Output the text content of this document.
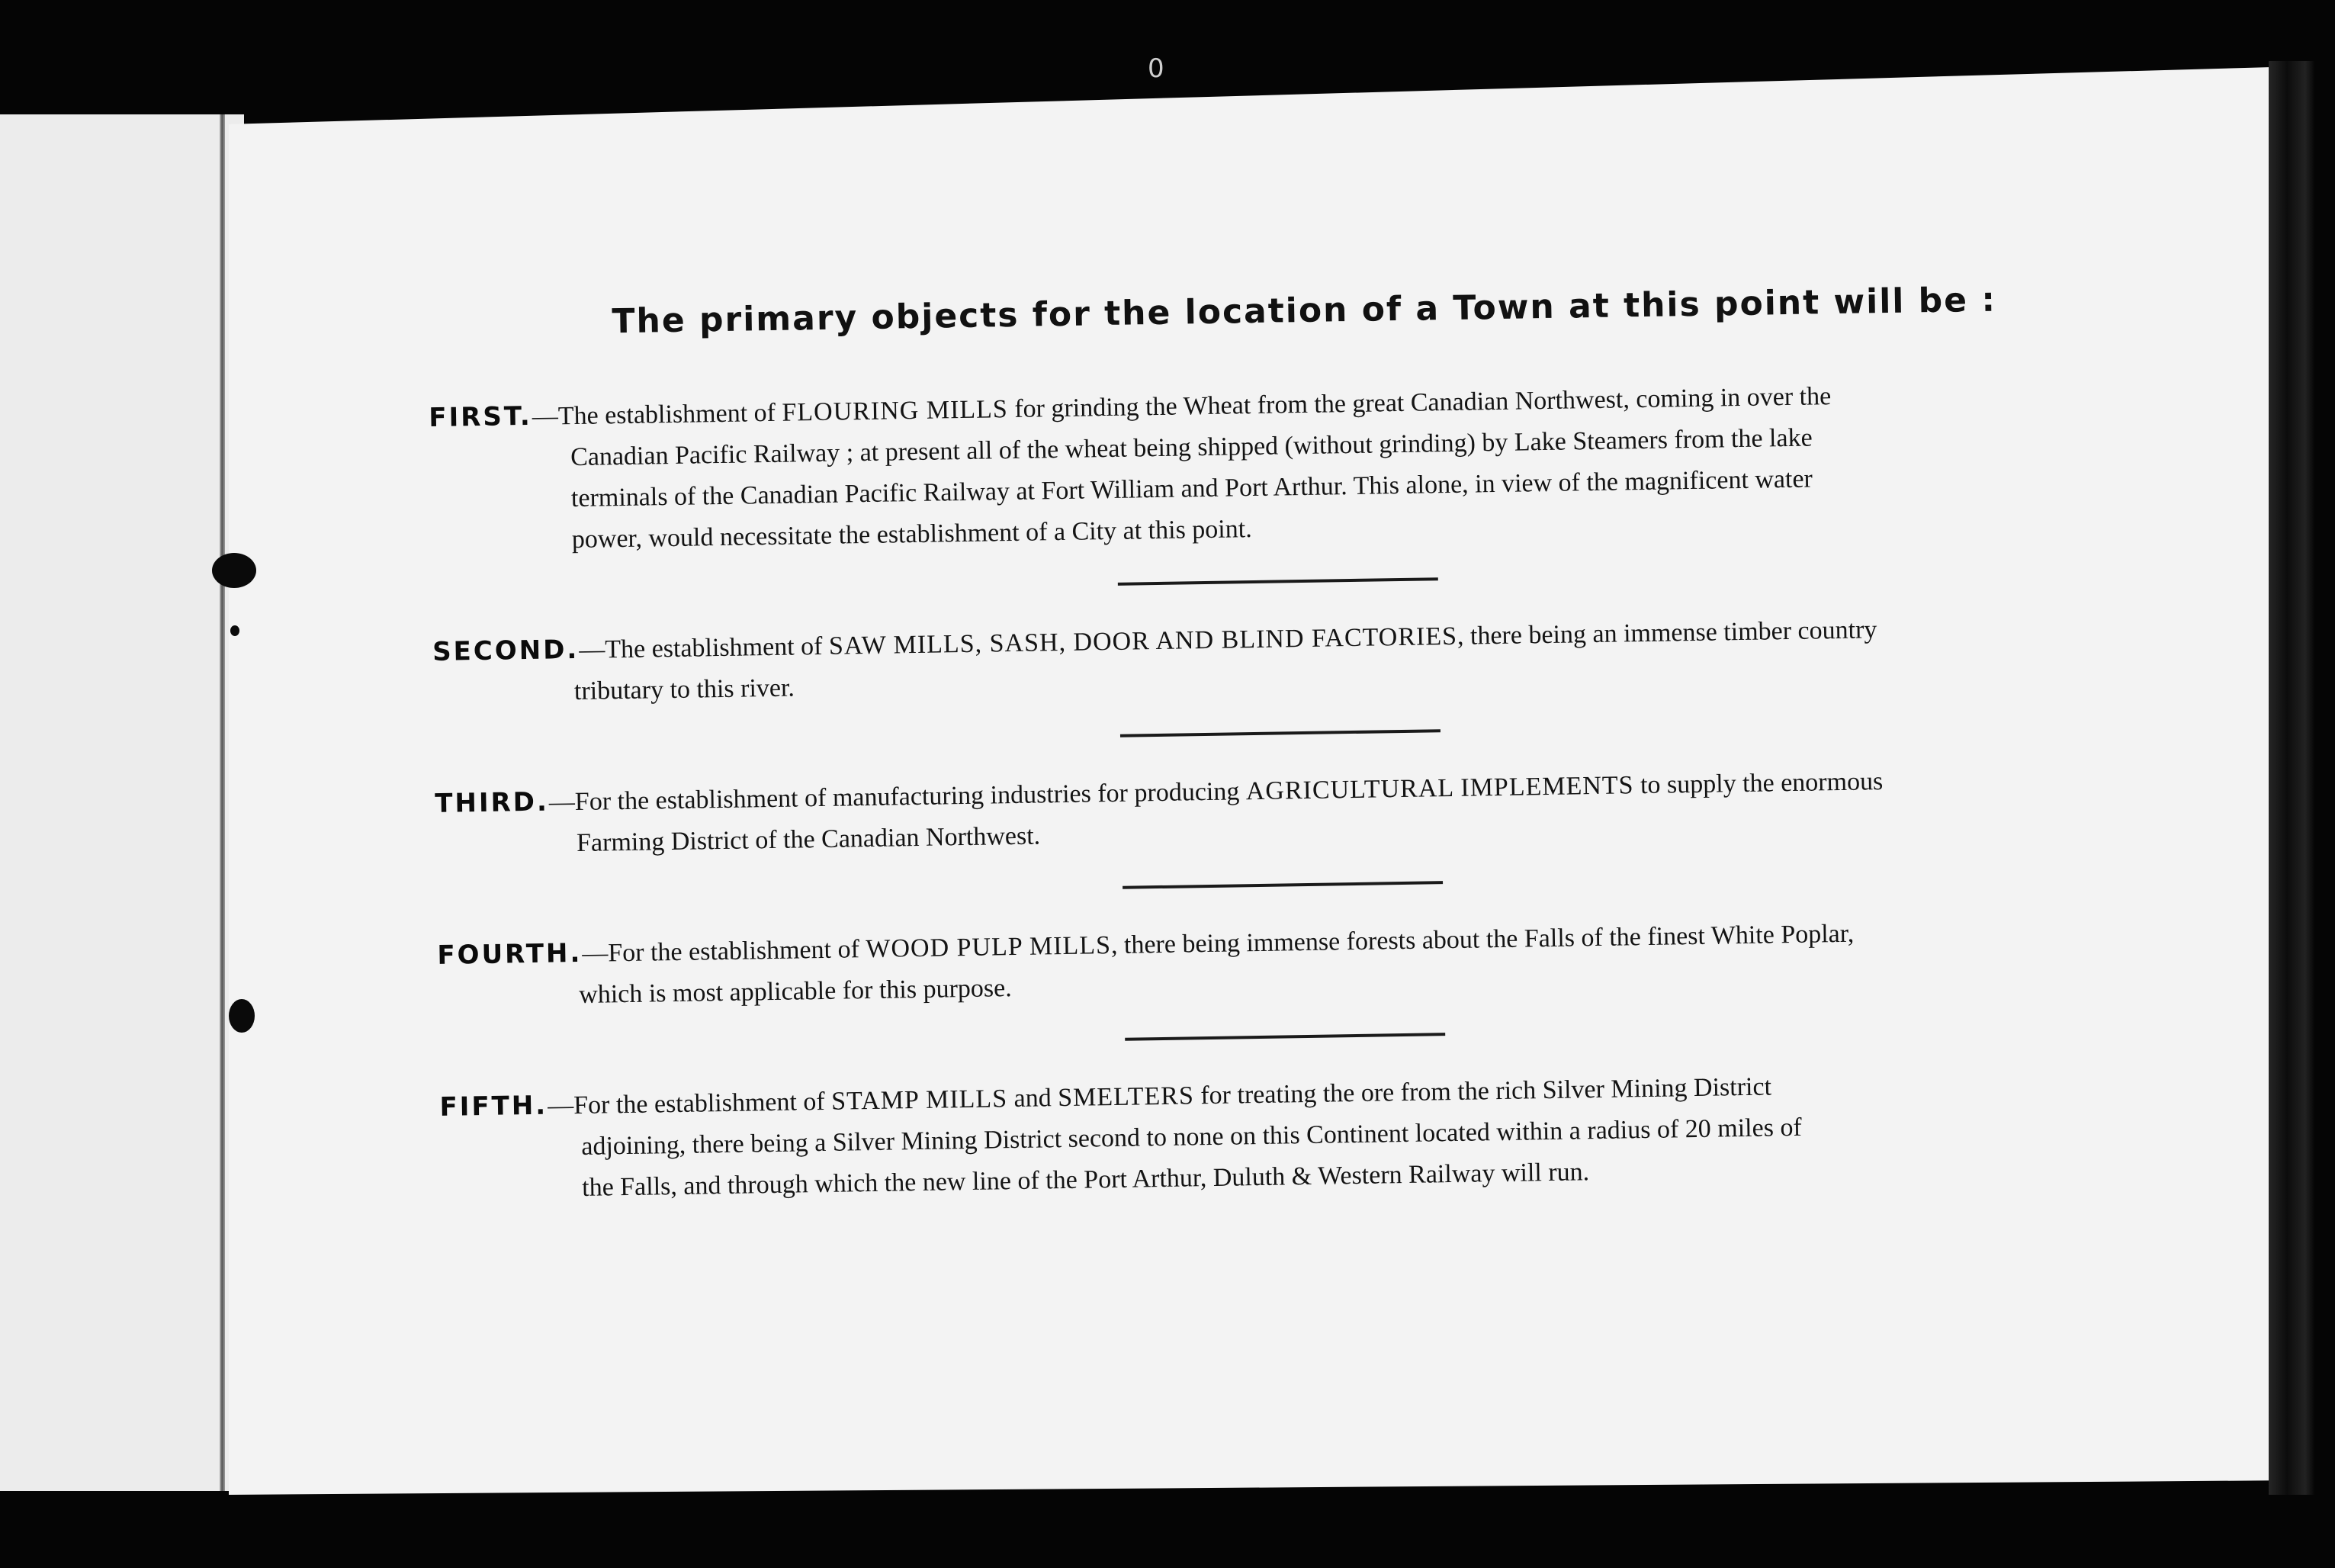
0
The primary objects for the location of a Town at this point will be :
FIRST.—The establishment of FLOURING MILLS for grinding the Wheat from the great Canadian Northwest, coming in over the
Canadian Pacific Railway ; at present all of the wheat being shipped (without grinding) by Lake Steamers from the lake
terminals of the Canadian Pacific Railway at Fort William and Port Arthur. This alone, in view of the magnificent water
power, would necessitate the establishment of a City at this point.
SECOND.—The establishment of SAW MILLS, SASH, DOOR AND BLIND FACTORIES, there being an immense timber country
tributary to this river.
THIRD.—For the establishment of manufacturing industries for producing AGRICULTURAL IMPLEMENTS to supply the enormous
Farming District of the Canadian Northwest.
FOURTH.—For the establishment of WOOD PULP MILLS, there being immense forests about the Falls of the finest White Poplar,
which is most applicable for this purpose.
FIFTH.—For the establishment of STAMP MILLS and SMELTERS for treating the ore from the rich Silver Mining District
adjoining, there being a Silver Mining District second to none on this Continent located within a radius of 20 miles of
the Falls, and through which the new line of the Port Arthur, Duluth & Western Railway will run.
